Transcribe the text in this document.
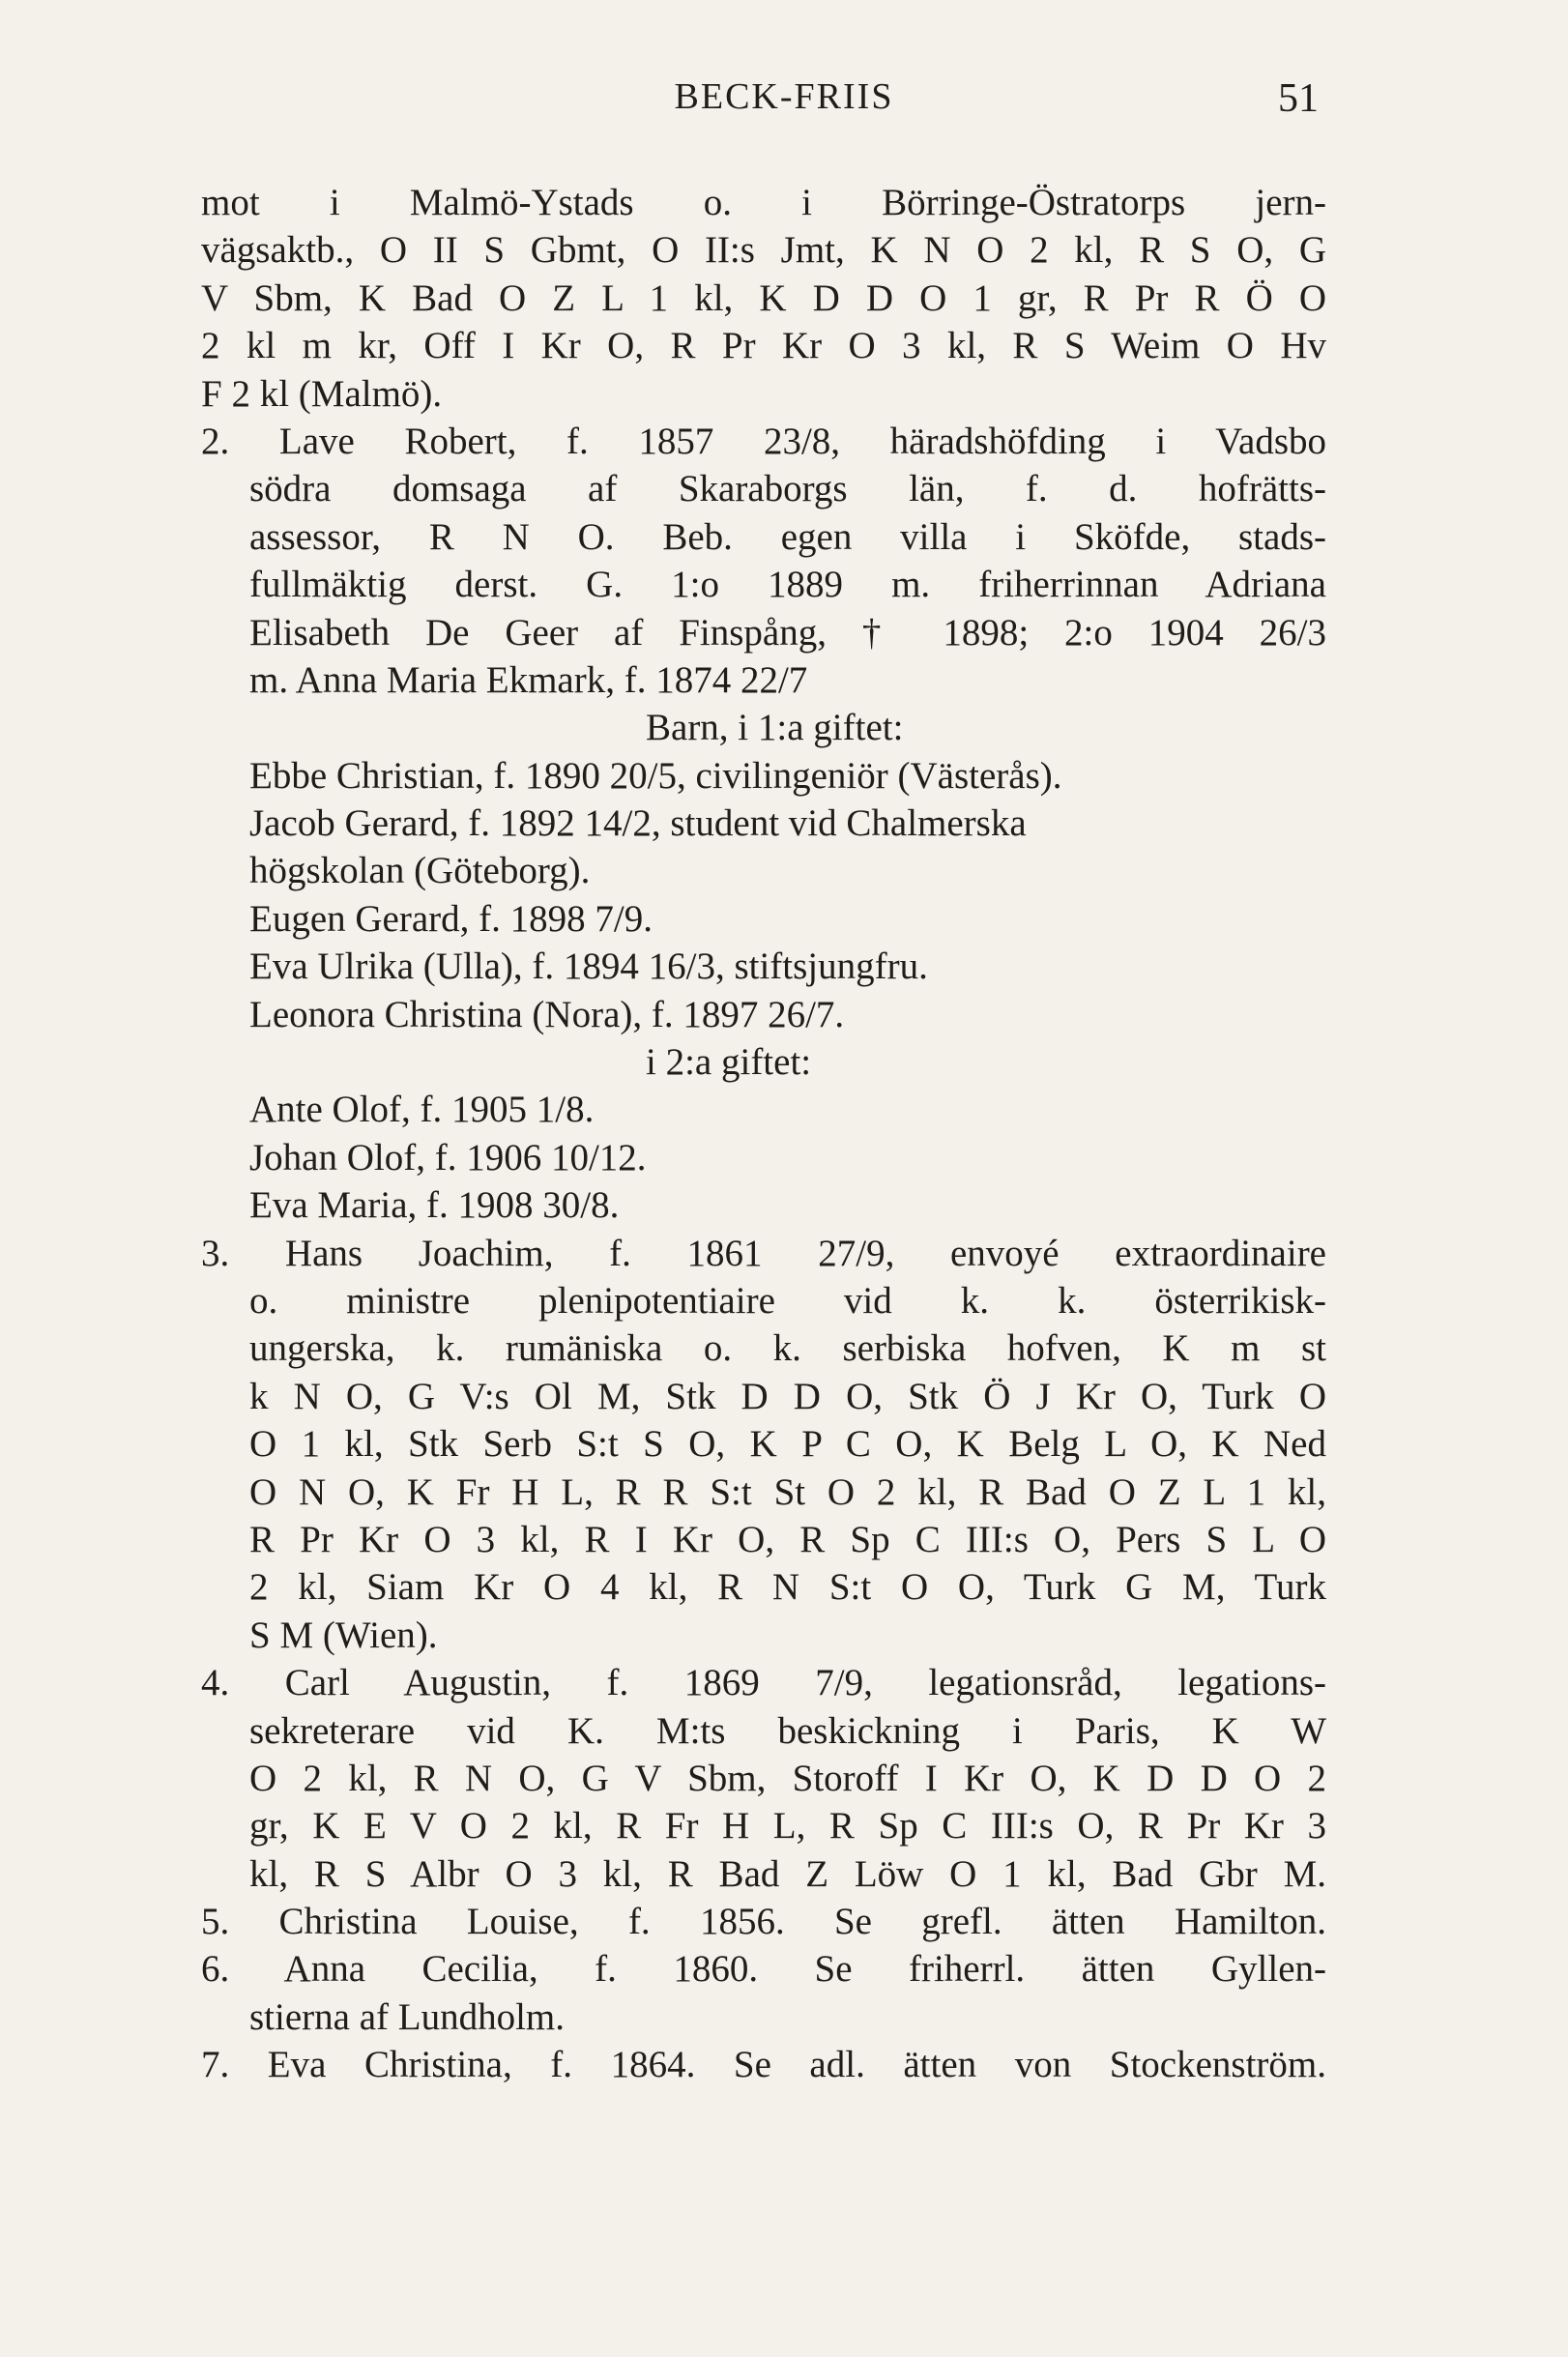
BECK-FRIIS	51
mot i Malmö-Ystads o. i Börringe-Östratorps jern-
vägsaktb., O II S Gbmt, O II:s Jmt, K N O 2 kl, R S O, G
V Sbm, K Bad O Z L 1 kl, K D D O 1 gr, R Pr R Ö O
2 kl m kr, Off I Kr O, R Pr Kr O 3 kl, R S Weim O Hv
F 2 kl (Malmö).
2. Lave Robert, f. 1857 23/8, häradshöfding i Vadsbo
södra domsaga af Skaraborgs län, f. d. hofrätts-
assessor, R N O. Beb. egen villa i Sköfde, stads-
fullmäktig derst. G. 1:o 1889 m. friherrinnan Adriana
Elisabeth De Geer af Finspång, † 1898; 2:o 1904 26/3
m. Anna Maria Ekmark, f. 1874 22/7
Barn, i 1:a giftet:
Ebbe Christian, f. 1890 20/5, civilingeniör (Västerås).
Jacob Gerard, f. 1892 14/2, student vid Chalmerska
högskolan (Göteborg).
Eugen Gerard, f. 1898 7/9.
Eva Ulrika (Ulla), f. 1894 16/3, stiftsjungfru.
Leonora Christina (Nora), f. 1897 26/7.
i 2:a giftet:
Ante Olof, f. 1905 1/8.
Johan Olof, f. 1906 10/12.
Eva Maria, f. 1908 30/8.
3. Hans Joachim, f. 1861 27/9, envoyé extraordinaire
o. ministre plenipotentiaire vid k. k. österrikisk-
ungerska, k. rumäniska o. k. serbiska hofven, K m st
k N O, G V:s Ol M, Stk D D O, Stk Ö J Kr O, Turk O
O 1 kl, Stk Serb S:t S O, K P C O, K Belg L O, K Ned
O N O, K Fr H L, R R S:t St O 2 kl, R Bad O Z L 1 kl,
R Pr Kr O 3 kl, R I Kr O, R Sp C III:s O, Pers S L O
2 kl, Siam Kr O 4 kl, R N S:t O O, Turk G M, Turk
S M (Wien).
4. Carl Augustin, f. 1869 7/9, legationsråd, legations-
sekreterare vid K. M:ts beskickning i Paris, K W
O 2 kl, R N O, G V Sbm, Storoff I Kr O, K D D O 2
gr, K E V O 2 kl, R Fr H L, R Sp C III:s O, R Pr Kr 3
kl, R S Albr O 3 kl, R Bad Z Löw O 1 kl, Bad Gbr M.
5. Christina Louise, f. 1856. Se grefl. ätten Hamilton.
6. Anna Cecilia, f. 1860. Se friherrl. ätten Gyllen-
stierna af Lundholm.
7. Eva Christina, f. 1864. Se adl. ätten von Stockenström.
